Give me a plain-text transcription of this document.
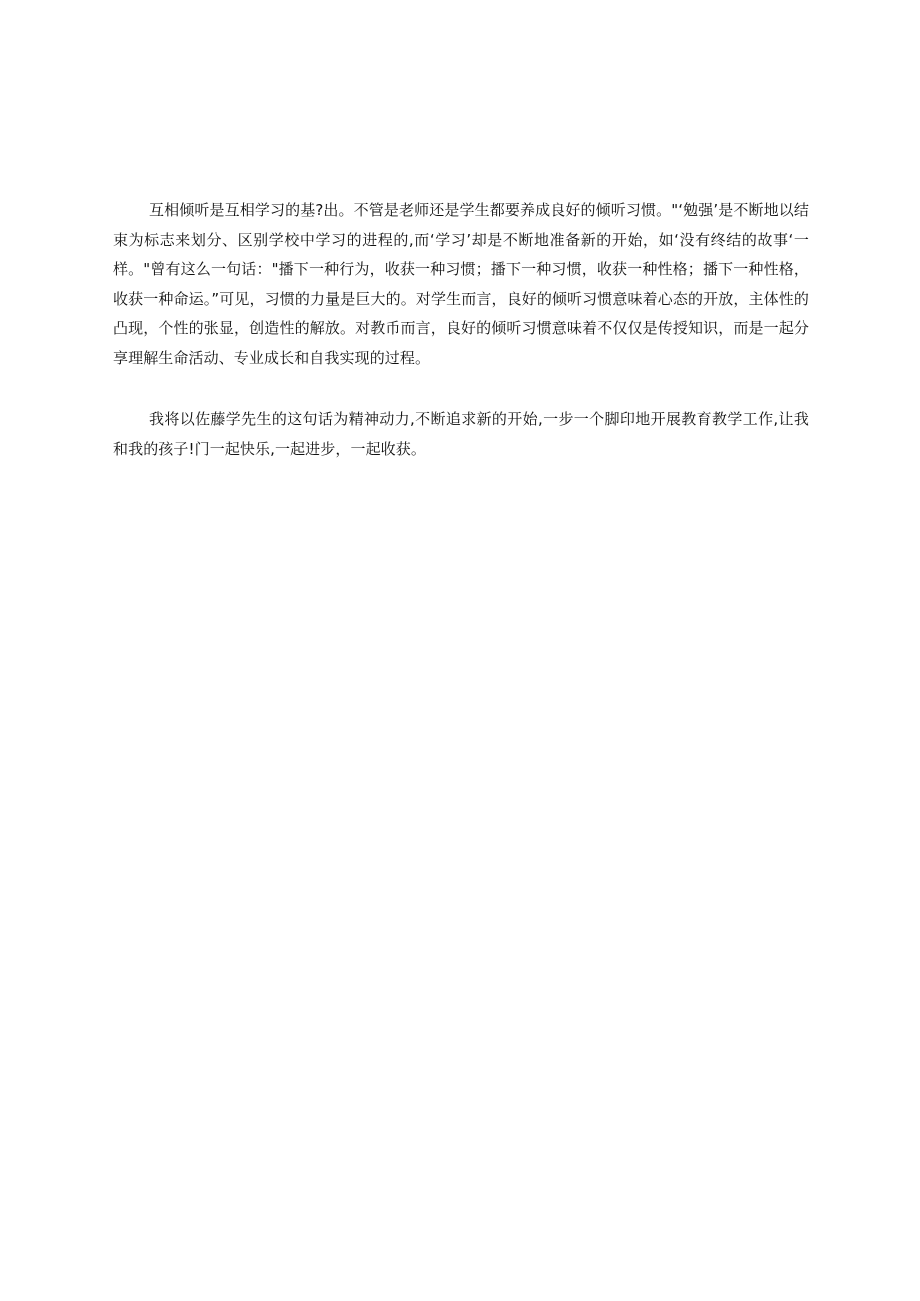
互相倾听是互相学习的基?出。不管是老师还是学生都要养成良好的倾听习惯。"‘勉强’是不断地以结束为标志来划分、区别学校中学习的进程的,而‘学习’却是不断地准备新的开始，如‘没有终结的故事‘一样。"曾有这么一句话："播下一种行为，收获一种习惯；播下一种习惯，收获一种性格；播下一种性格，收获一种命运。”可见，习惯的力量是巨大的。对学生而言，良好的倾听习惯意味着心态的开放，主体性的凸现，个性的张显，创造性的解放。对教币而言，良好的倾听习惯意味着不仅仅是传授知识，而是一起分享理解生命活动、专业成长和自我实现的过程。

我将以佐藤学先生的这句话为精神动力,不断追求新的开始,一步一个脚印地开展教育教学工作,让我和我的孩子!门一起快乐,一起进步，一起收获。
